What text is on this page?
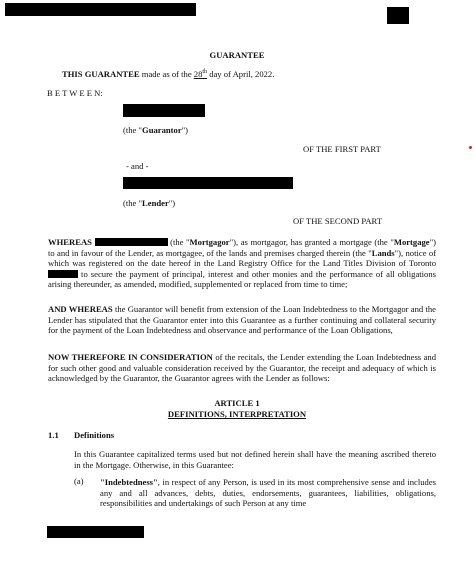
GUARANTEE
THIS GUARANTEE made as of the 28th day of April, 2022.
B E T W E E N:
(the "Guarantor")
OF THE FIRST PART
- and -
(the "Lender")
OF THE SECOND PART
WHEREAS	(the "Mortgagor"), as mortgagor, has granted a mortgage (the "Mortgage") to and in favour of the Lender, as mortgagee, of the lands and premises charged therein (the "Lands"), notice of which was registered on the date hereof in the Land Registry Office for the Land Titles Division of Toronto  to secure the payment of principal, interest and other monies and the performance of all obligations arising thereunder, as amended, modified, supplemented or replaced from time to time;
AND WHEREAS the Guarantor will benefit from extension of the Loan Indebtedness to the Mortgagor and the Lender has stipulated that the Guarantor enter into this Guarantee as a further continuing and collateral security for the payment of the Loan Indebtedness and observance and performance of the Loan Obligations,
NOW THEREFORE IN CONSIDERATION of the recitals, the Lender extending the Loan Indebtedness and for such other good and valuable consideration received by the Guarantor, the receipt and adequacy of which is acknowledged by the Guarantor, the Guarantor agrees with the Lender as follows:
ARTICLE 1
DEFINITIONS, INTERPRETATION
1.1 Definitions
In this Guarantee capitalized terms used but not defined herein shall have the meaning ascribed thereto in the Mortgage. Otherwise, in this Guarantee:
(a) "Indebtedness", in respect of any Person, is used in its most comprehensive sense and includes any and all advances, debts, duties, endorsements, guarantees, liabilities, obligations, responsibilities and undertakings of such Person at any time
